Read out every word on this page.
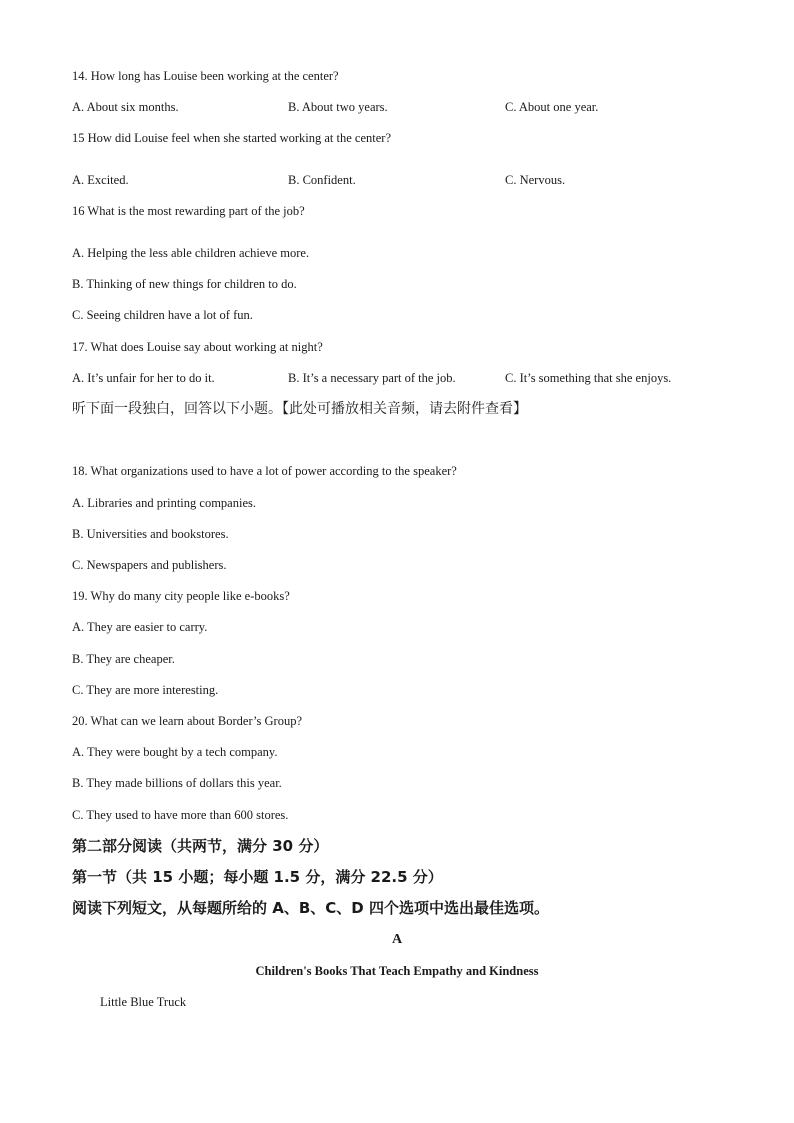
14. How long has Louise been working at the center?
A. About six months.	B. About two years.	C. About one year.
15 How did Louise feel when she started working at the center?
A. Excited.	B. Confident.	C. Nervous.
16 What is the most rewarding part of the job?
A. Helping the less able children achieve more.
B. Thinking of new things for children to do.
C. Seeing children have a lot of fun.
17. What does Louise say about working at night?
A. It’s unfair for her to do it.	B. It’s a necessary part of the job.	C. It’s something that she enjoys.
听下面一段独白，回答以下小题。【此处可播放相关音频，请去附件查看】
18. What organizations used to have a lot of power according to the speaker?
A. Libraries and printing companies.
B. Universities and bookstores.
C. Newspapers and publishers.
19. Why do many city people like e-books?
A. They are easier to carry.
B. They are cheaper.
C. They are more interesting.
20. What can we learn about Border’s Group?
A. They were bought by a tech company.
B. They made billions of dollars this year.
C. They used to have more than 600 stores.
第二部分阅读（共两节，满分 30 分）
第一节（共 15 小题；每小题 1.5 分，满分 22.5 分）
阅读下列短文，从每题所给的 A、B、C、D 四个选项中选出最佳选项。
A
Children's Books That Teach Empathy and Kindness
Little Blue Truck
